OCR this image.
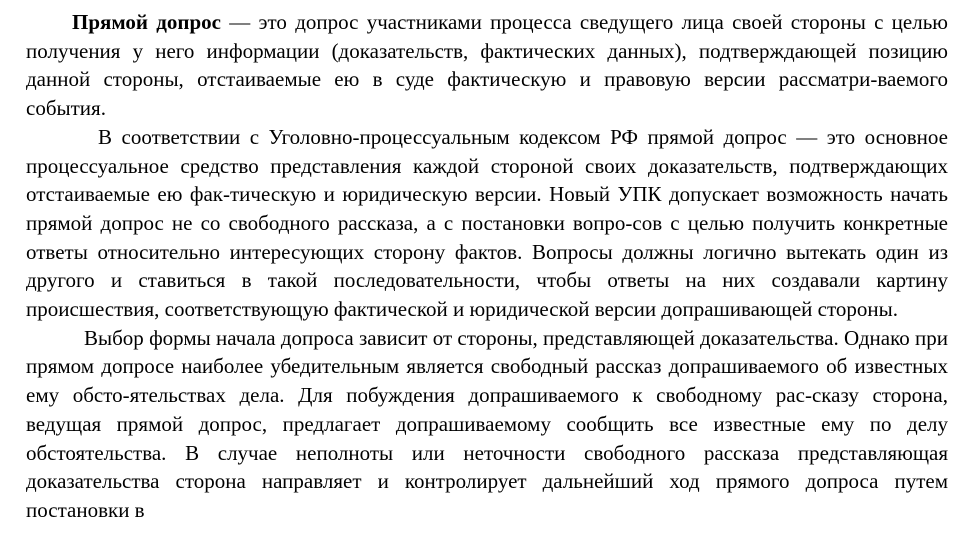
Прямой допрос — это допрос участниками процесса сведущего лица своей стороны с целью получения у него информации (доказательств, фактических данных), подтверждающей позицию данной стороны, отстаиваемые ею в суде фактическую и правовую версии рассматри-ваемого события.

В соответствии с Уголовно-процессуальным кодексом РФ прямой допрос — это основное процессуальное средство представления каждой стороной своих доказательств, подтверждающих отстаиваемые ею фак-тическую и юридическую версии. Новый УПК допускает возможность начать прямой допрос не со свободного рассказа, а с постановки вопро-сов с целью получить конкретные ответы относительно интересующих сторону фактов. Вопросы должны логично вытекать один из другого и ставиться в такой последовательности, чтобы ответы на них создавали картину происшествия, соответствующую фактической и юридической версии допрашивающей стороны.

Выбор формы начала допроса зависит от стороны, представляющей доказательства. Однако при прямом допросе наиболее убедительным является свободный рассказ допрашиваемого об известных ему обсто-ятельствах дела. Для побуждения допрашиваемого к свободному рас-сказу сторона, ведущая прямой допрос, предлагает допрашиваемому сообщить все известные ему по делу обстоятельства. В случае неполноты или неточности свободного рассказа представляющая доказательства сторона направляет и контролирует дальнейший ход прямого допроса путем постановки в
